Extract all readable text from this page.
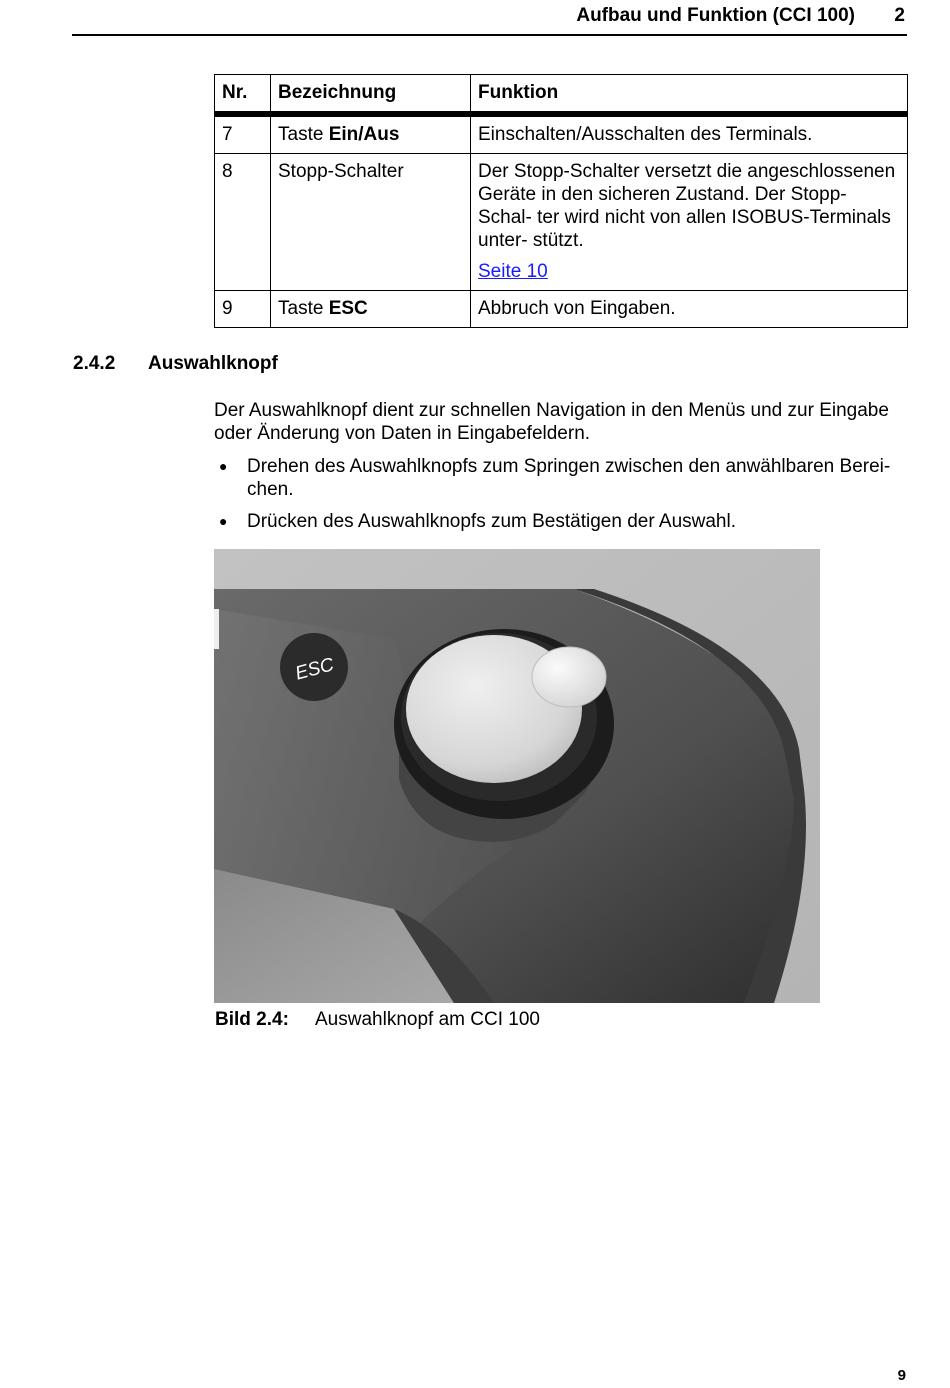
Aufbau und Funktion (CCI 100) 2
Nr.	Bezeichnung	Funktion
7	Taste Ein/Aus	Einschalten/Ausschalten des Terminals.
8	Stopp-Schalter	Der Stopp-Schalter versetzt die angeschlossenen Geräte in den sicheren Zustand. Der Stopp-Schal- ter wird nicht von allen ISOBUS-Terminals unter- stützt.
Seite 10
9	Taste ESC	Abbruch von Eingaben.
2.4.2 Auswahlknopf
Der Auswahlknopf dient zur schnellen Navigation in den Menüs und zur Eingabe oder Änderung von Daten in Eingabefeldern.
● Drehen des Auswahlknopfs zum Springen zwischen den anwählbaren Berei- chen.
● Drücken des Auswahlknopfs zum Bestätigen der Auswahl.
ESC
Bild 2.4: Auswahlknopf am CCI 100
9
